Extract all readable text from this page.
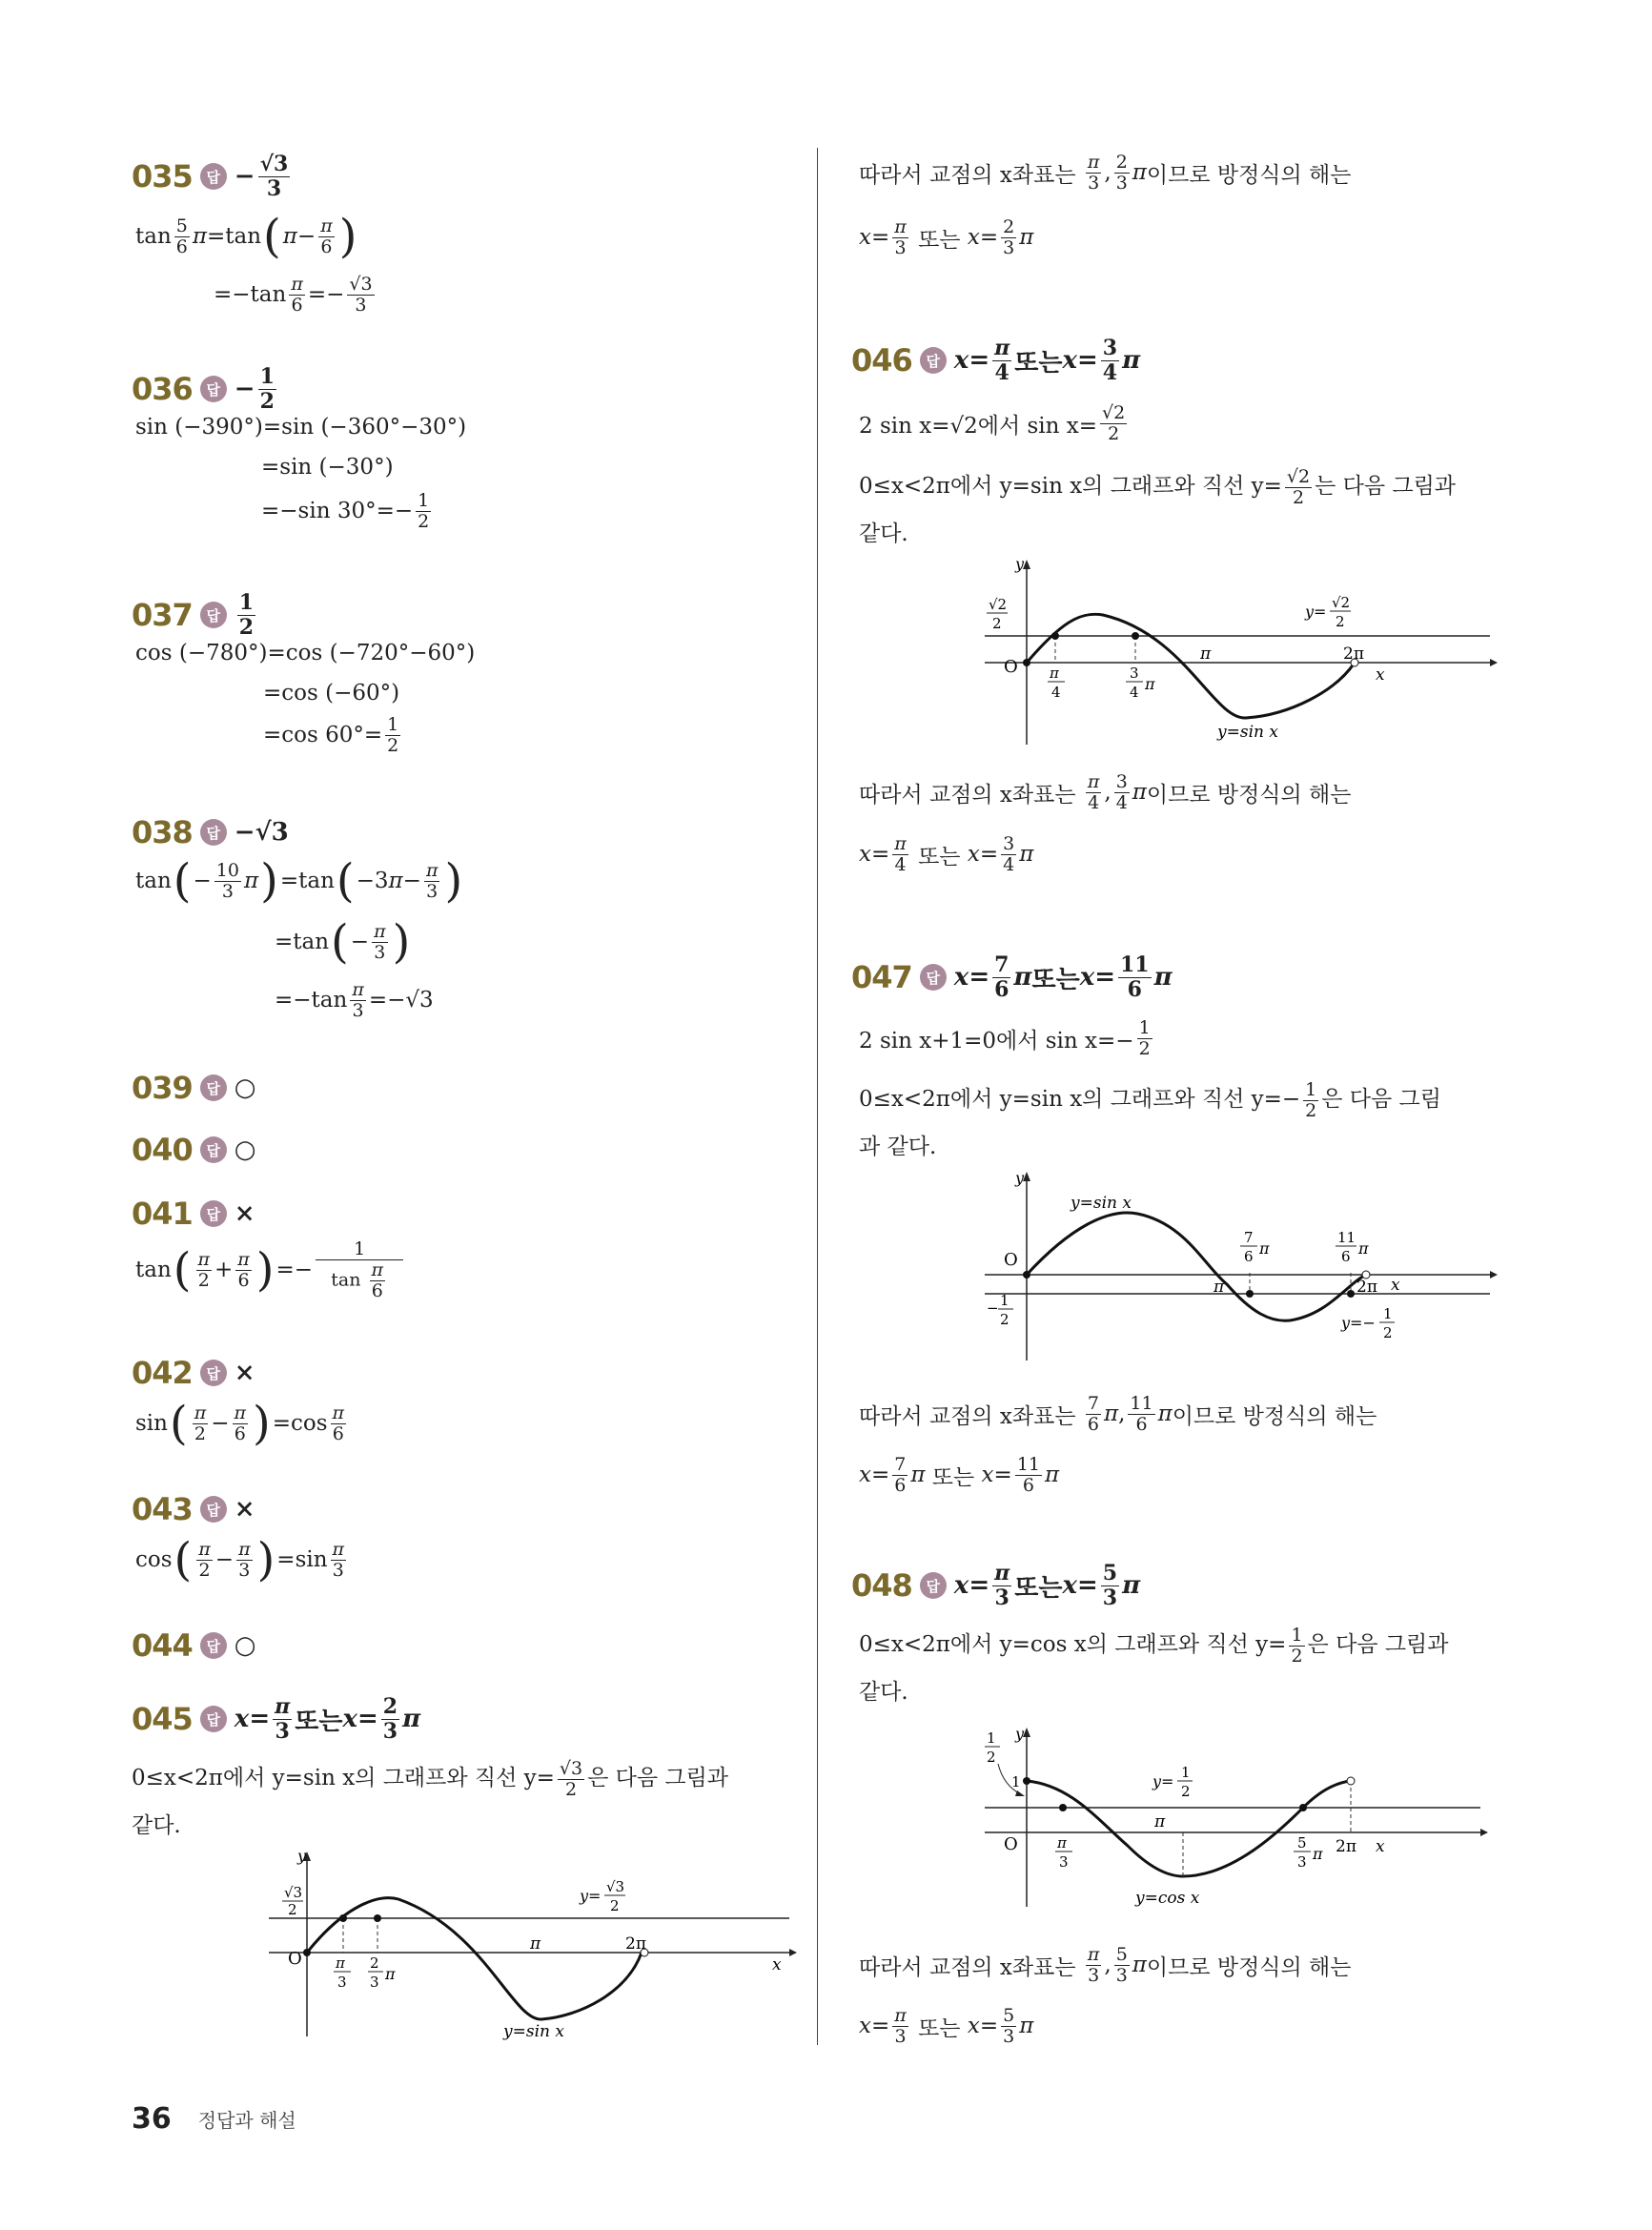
035 답 − $\frac{√3}{3}$
$\tan \frac{5}{6}$ π =tan ( $\pi - \frac{\pi}{6}$ )
$=-\tan \frac{\pi}{6} =- \frac{√3}{3}$
036 답 − $\frac{1}{2}$
sin (−390°)=sin (−360°−30°)
=sin (−30°)
=−sin $30^\circ=- \frac{1}{2}$
037 답 $\frac{1}{2}$
cos (−780°)=cos (−720°−60°)
=cos (−60°)
=cos $60^\circ= \frac{1}{2}$
038 답 −√3
tan ( − $\frac{10}{3}$ π ) =tan ( −3 $\pi - \frac{\pi}{3}$ )
=tan ( − $\frac{\pi}{3}$ )
$=-\tan \frac{\pi}{3} =-√3$
039 답 ○
040 답 ○
041 답 ×
tan ( $\frac{\pi}{2} + \frac{\pi}{6}$ ) =− $\frac{1}{\tan \frac{\pi}{6}}$
042 답 ×
sin ( $\frac{\pi}{2} - \frac{\pi}{6}$ ) $=\cos \frac{\pi}{6}$
043 답 ×
cos ( $\frac{\pi}{2} - \frac{\pi}{3}$ ) $=\sin \frac{\pi}{3}$
044 답 ○
045 답 $x = \frac{\pi}{3}$ 또는 $x = \frac{2}{3}$ π
0≤x<2π에서 y=sin x의 그래프와 직선 $y= \frac{√3}{2}$ 은 다음 그림과
같다.
y
O
√3
2
π	2π
x
π
3
2
3 π
y= √3
2
y=sin x
따라서 교점의 x좌표는
$\frac{\pi}{3}$ , $\frac{2}{3}$ π 이므로 방정식의 해는
$x = \frac{\pi}{3}$
또는
$x = \frac{2}{3}$ π
046 답 $x = \frac{\pi}{4}$ 또는 $x = \frac{3}{4}$ π
2 sin x=√2에서 $\sin x= \frac{√2}{2}$
0≤x<2π에서 y=sin x의 그래프와 직선 $y= \frac{√2}{2}$ 는 다음 그림과
같다.
y
O
√2
2
π	2π
x
π
4
3
4 π
y= √2
2
y=sin x
따라서 교점의 x좌표는
$\frac{\pi}{4}$ , $\frac{3}{4}$ π 이므로 방정식의 해는
$x = \frac{\pi}{4}$
또는
$x = \frac{3}{4}$ π
047 답 $x = \frac{7}{6}$ π 또는 $x = \frac{11}{6}$ π
2 sin x+1=0에서 $\sin x=- \frac{1}{2}$
0≤x<2π에서 y=sin x의 그래프와 직선 $y=- \frac{1}{2}$ 은 다음 그림
과 같다.
y
O
y=sin x
− 1
2
π	2π x
7
6 π
11
6 π
y=− 1
2
따라서 교점의 x좌표는
$\frac{7}{6}$ π , $\frac{11}{6}$ π 이므로 방정식의 해는
$x = \frac{7}{6}$ π
또는
$x = \frac{11}{6}$ π
048 답 $x = \frac{\pi}{3}$ 또는 $x = \frac{5}{3}$ π
0≤x<2π에서 y=cos x의 그래프와 직선 $y= \frac{1}{2}$ 은 다음 그림과
같다.
y
O
1
1
2
π
2π x
π
3
5
3 π
y= 1
2
y=cos x
따라서 교점의 x좌표는
$\frac{\pi}{3}$ , $\frac{5}{3}$ π 이므로 방정식의 해는
$x = \frac{\pi}{3}$
또는
$x = \frac{5}{3}$ π
36 정답과 해설
